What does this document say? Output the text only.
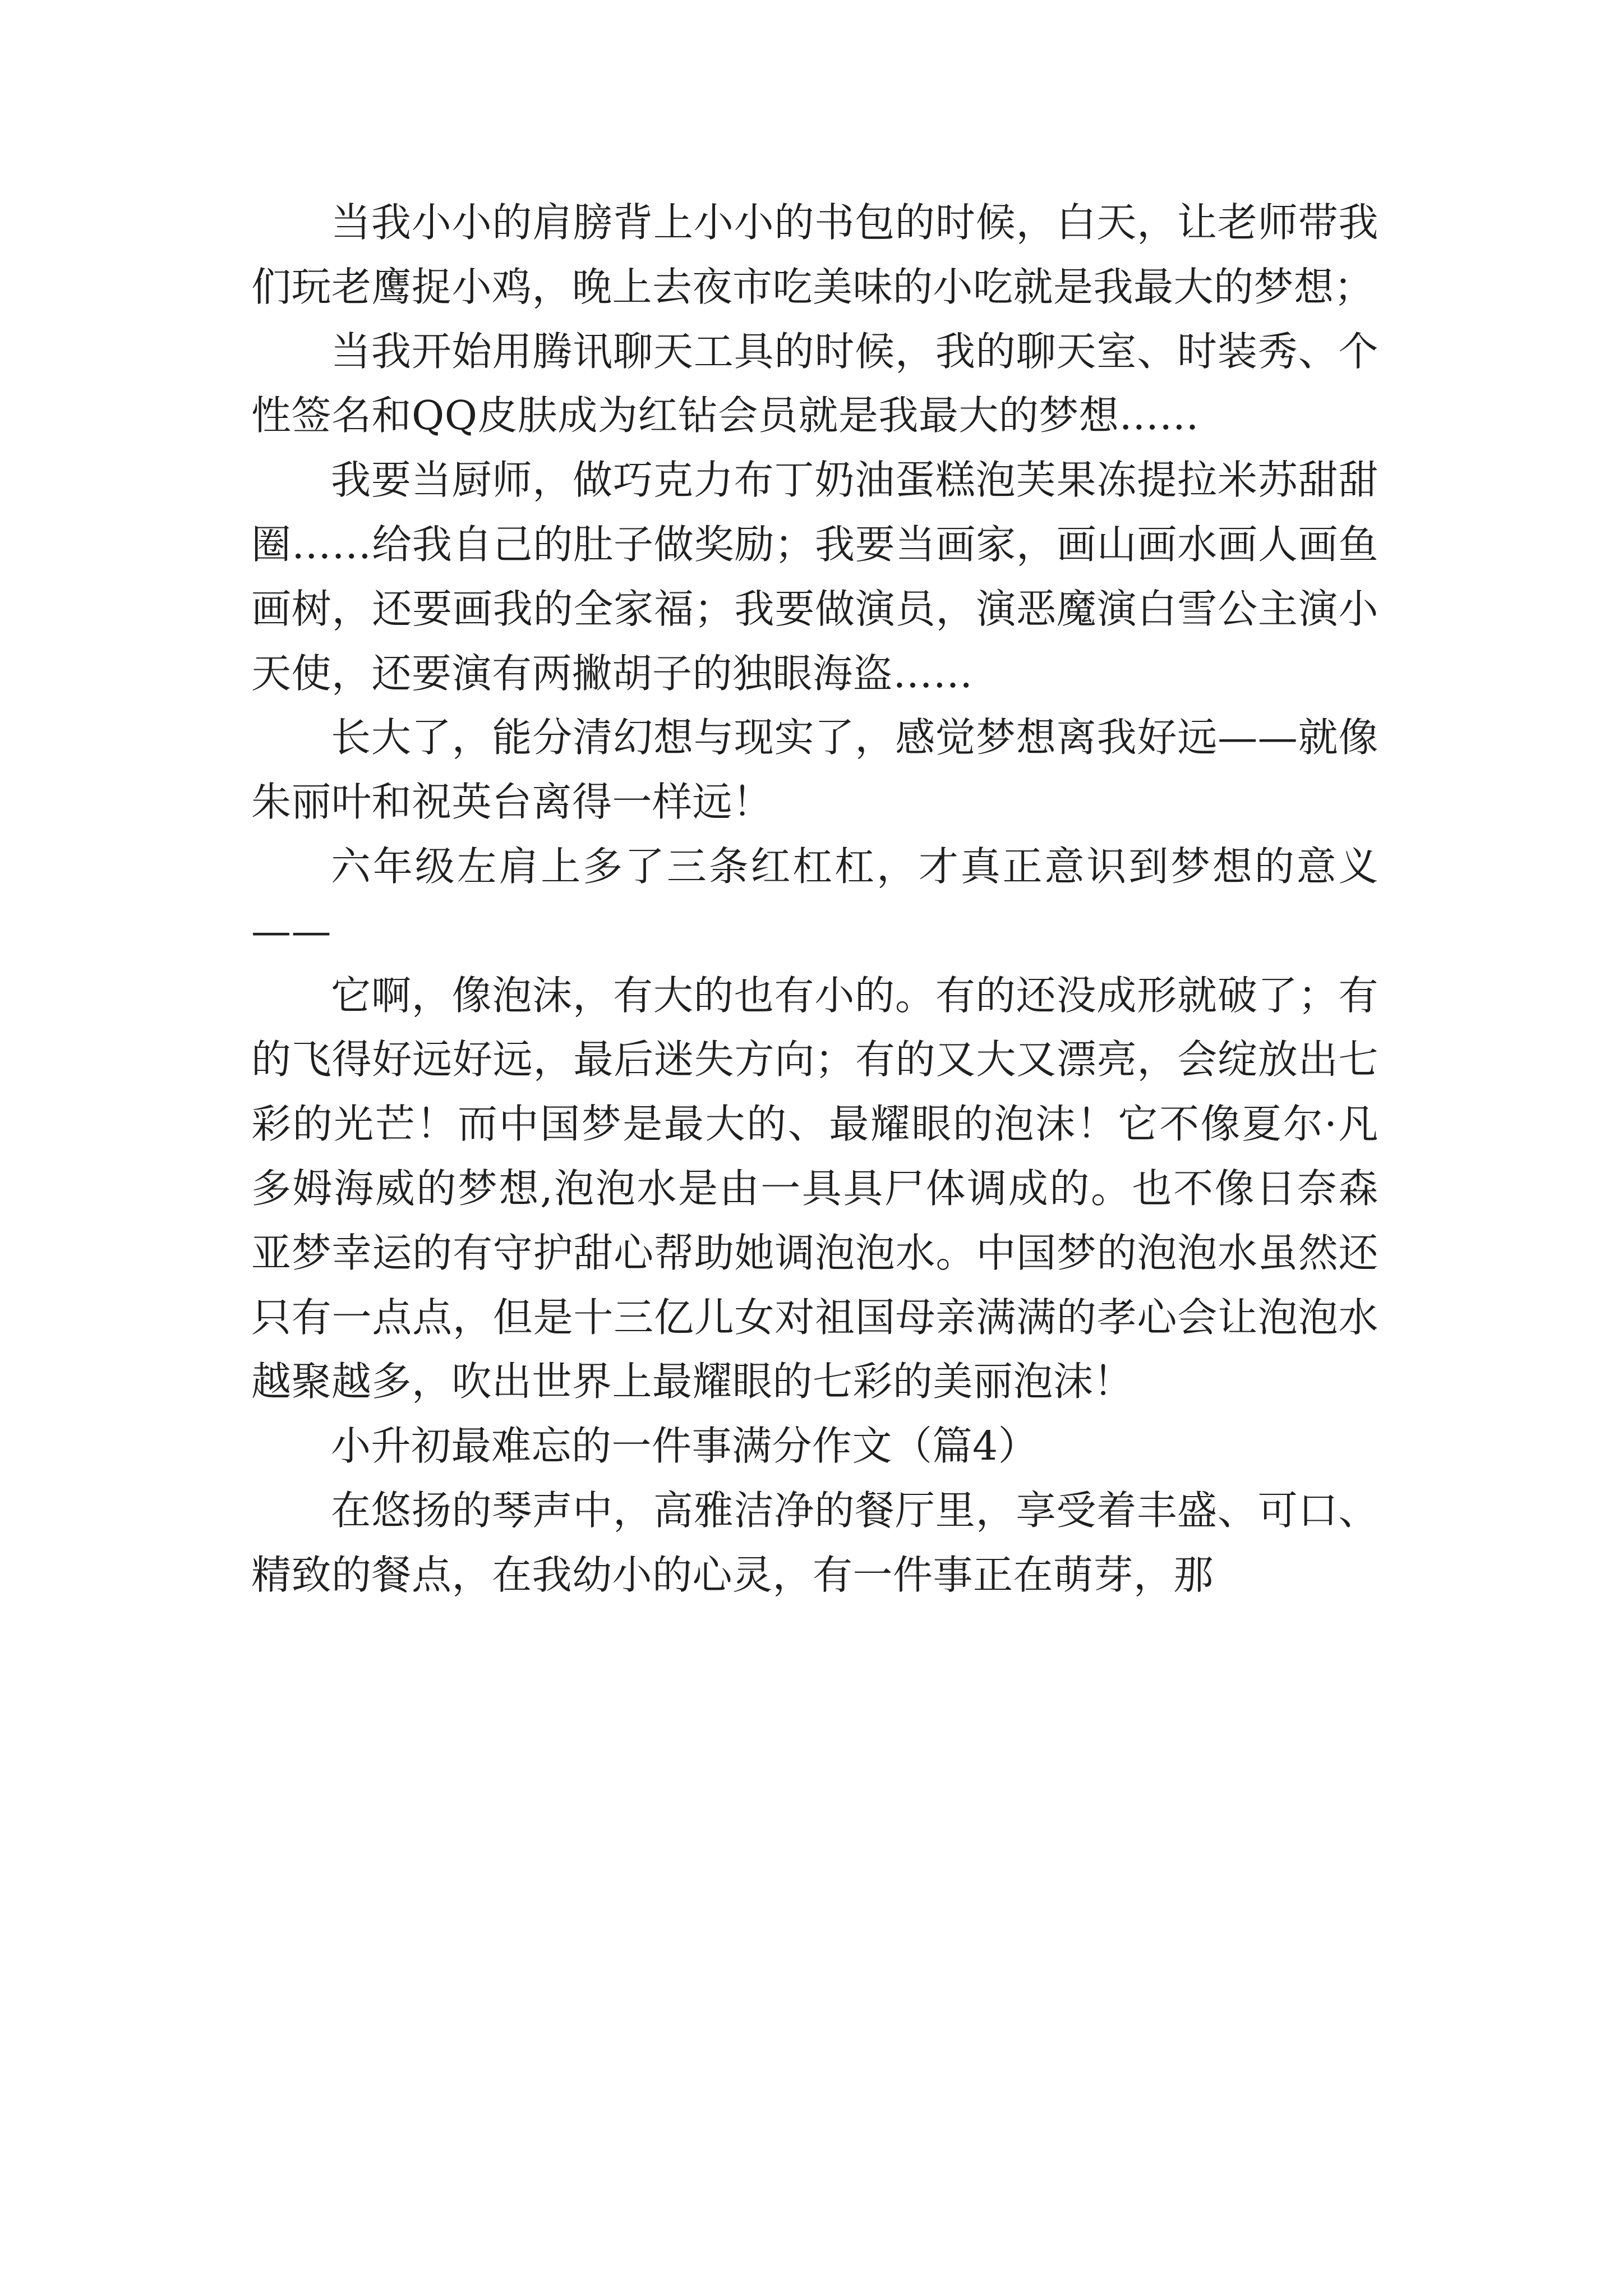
当我小小的肩膀背上小小的书包的时候，白天，让老师带我们玩老鹰捉小鸡，晚上去夜市吃美味的小吃就是我最大的梦想；

当我开始用腾讯聊天工具的时候，我的聊天室、时装秀、个性签名和QQ皮肤成为红钻会员就是我最大的梦想……

我要当厨师，做巧克力布丁奶油蛋糕泡芙果冻提拉米苏甜甜圈……给我自己的肚子做奖励；我要当画家，画山画水画人画鱼画树，还要画我的全家福；我要做演员，演恶魔演白雪公主演小天使，还要演有两撇胡子的独眼海盗……

长大了，能分清幻想与现实了，感觉梦想离我好远——就像朱丽叶和祝英台离得一样远！

六年级左肩上多了三条红杠杠，才真正意识到梦想的意义——

它啊，像泡沫，有大的也有小的。有的还没成形就破了；有的飞得好远好远，最后迷失方向；有的又大又漂亮，会绽放出七彩的光芒！而中国梦是最大的、最耀眼的泡沫！它不像夏尔·凡多姆海威的梦想,泡泡水是由一具具尸体调成的。也不像日奈森亚梦幸运的有守护甜心帮助她调泡泡水。中国梦的泡泡水虽然还只有一点点，但是十三亿儿女对祖国母亲满满的孝心会让泡泡水越聚越多，吹出世界上最耀眼的七彩的美丽泡沫！

小升初最难忘的一件事满分作文（篇4）

在悠扬的琴声中，高雅洁净的餐厅里，享受着丰盛、可口、精致的餐点，在我幼小的心灵，有一件事正在萌芽，那
